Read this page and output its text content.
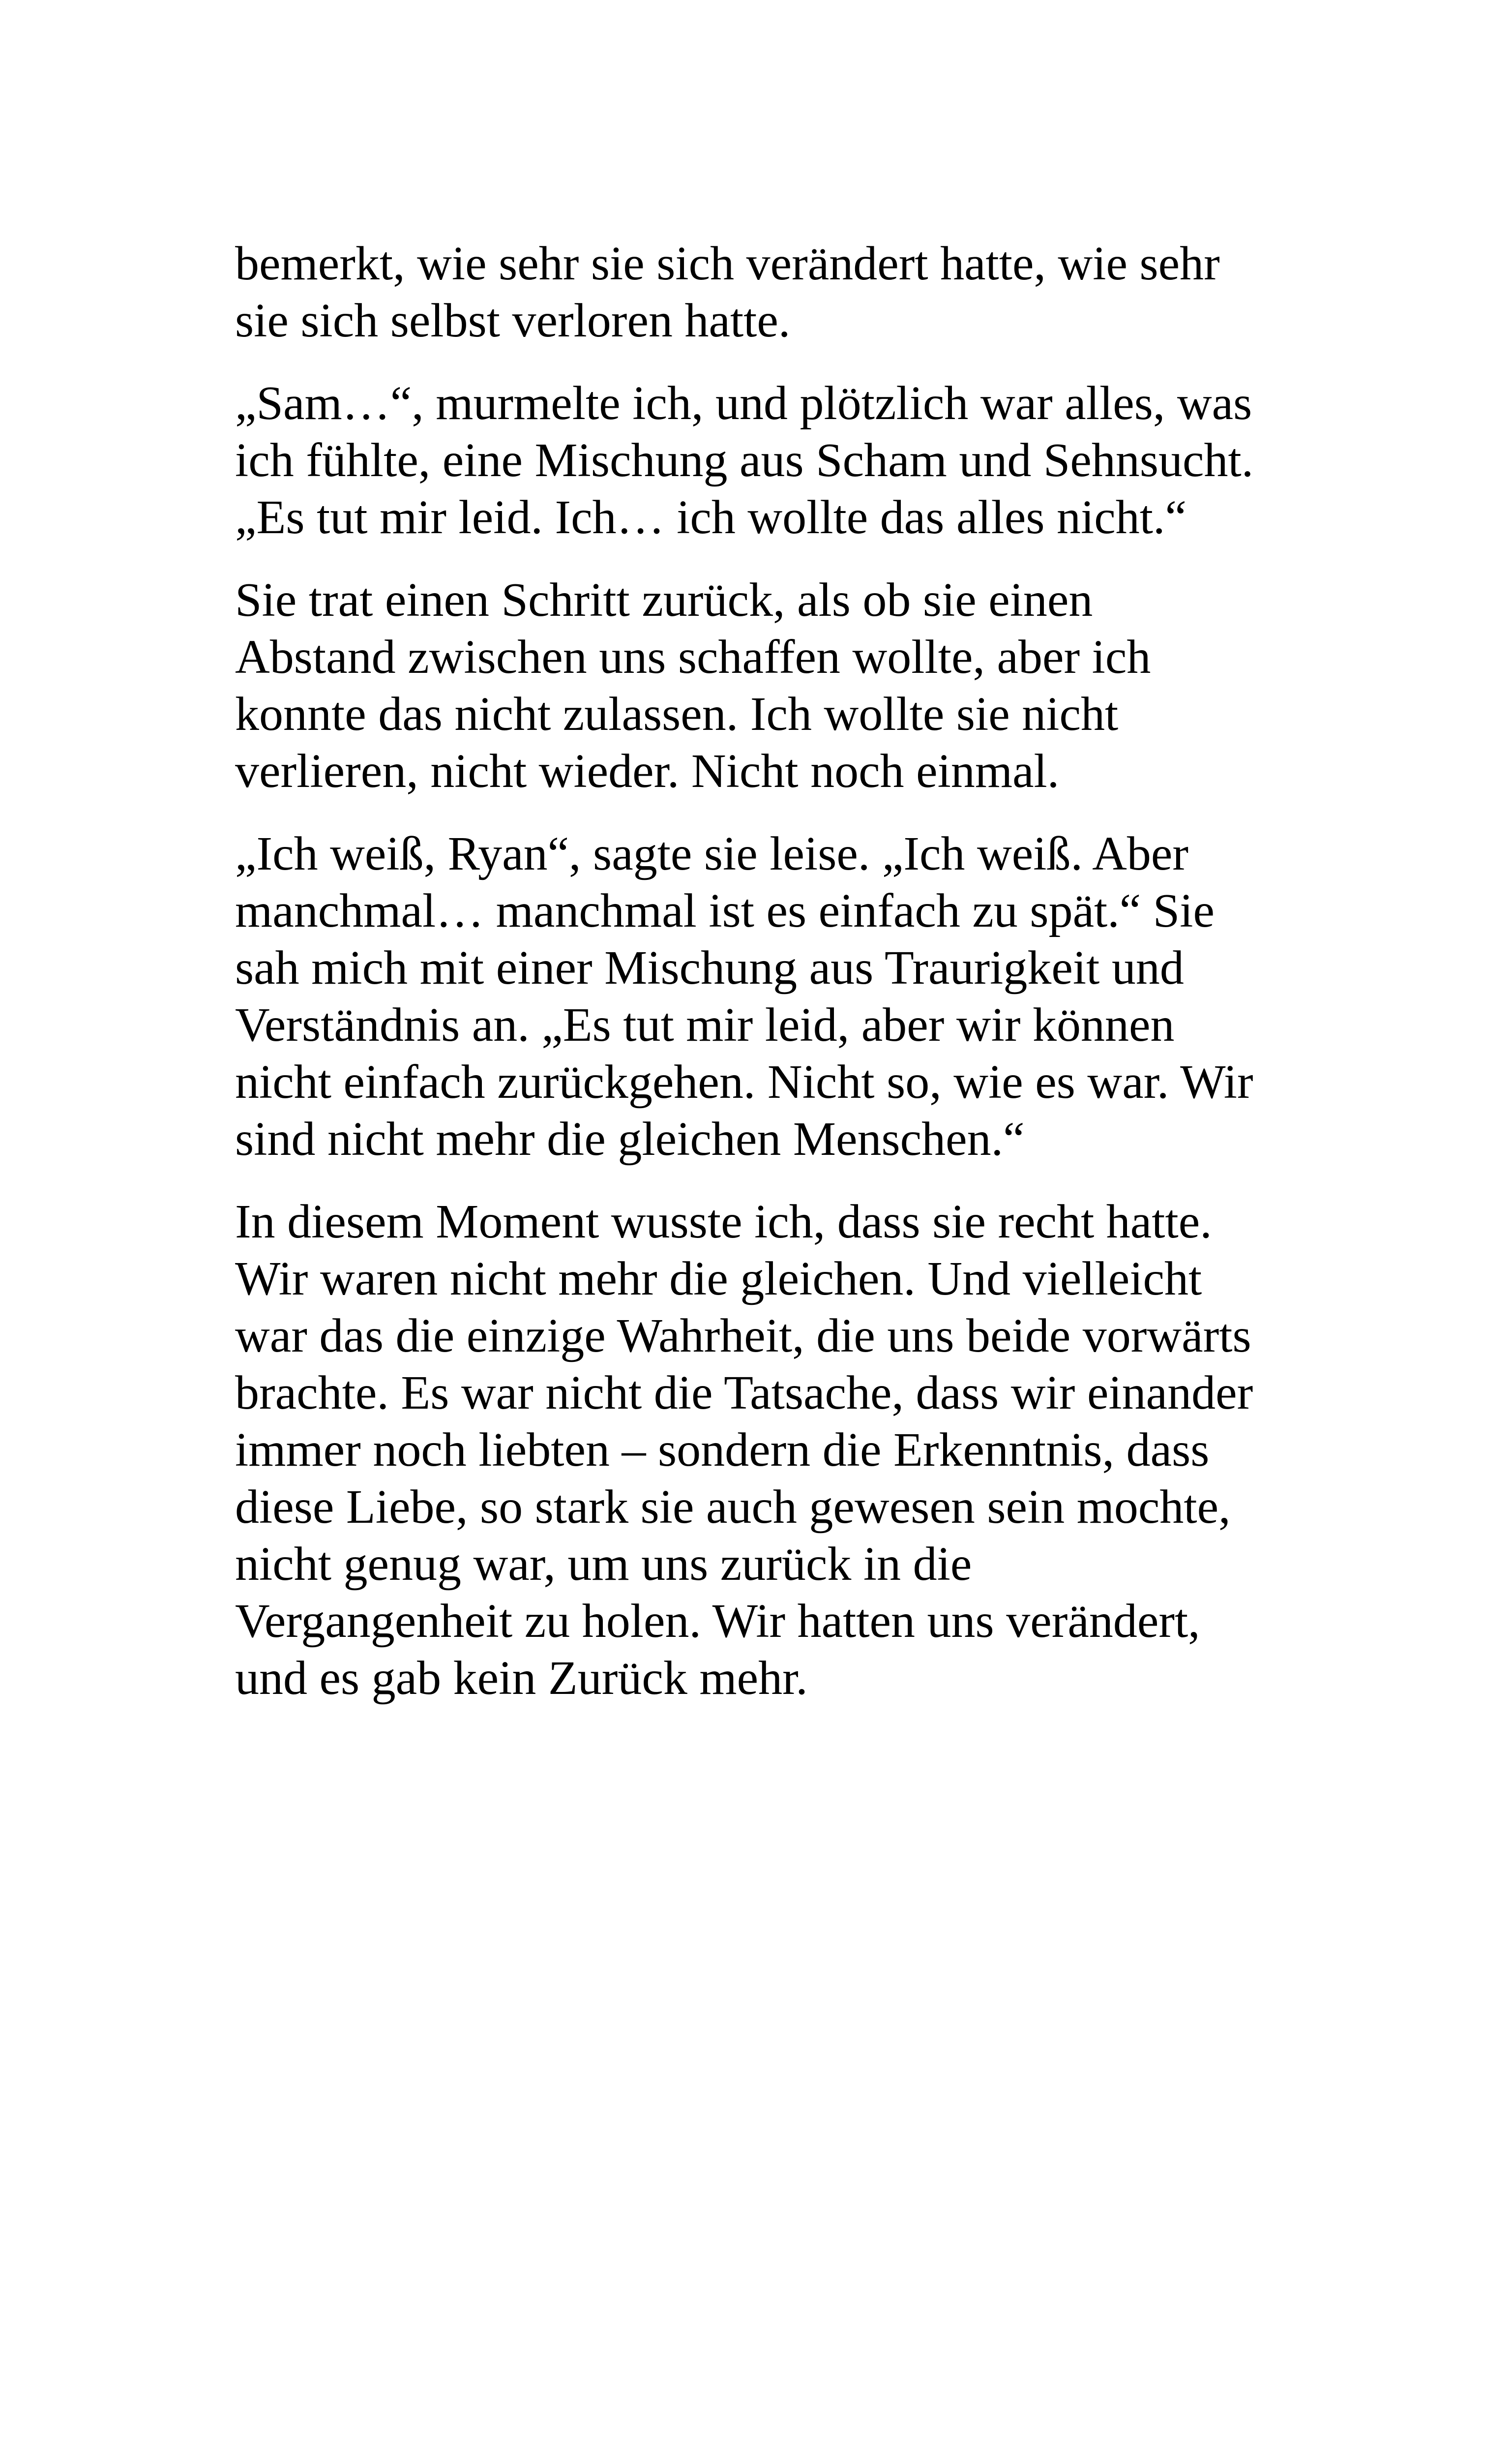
bemerkt, wie sehr sie sich verändert hatte, wie sehr
sie sich selbst verloren hatte.

„Sam…“, murmelte ich, und plötzlich war alles, was
ich fühlte, eine Mischung aus Scham und Sehnsucht.
„Es tut mir leid. Ich… ich wollte das alles nicht.“

Sie trat einen Schritt zurück, als ob sie einen
Abstand zwischen uns schaffen wollte, aber ich
konnte das nicht zulassen. Ich wollte sie nicht
verlieren, nicht wieder. Nicht noch einmal.

„Ich weiß, Ryan“, sagte sie leise. „Ich weiß. Aber
manchmal… manchmal ist es einfach zu spät.“ Sie
sah mich mit einer Mischung aus Traurigkeit und
Verständnis an. „Es tut mir leid, aber wir können
nicht einfach zurückgehen. Nicht so, wie es war. Wir
sind nicht mehr die gleichen Menschen.“

In diesem Moment wusste ich, dass sie recht hatte.
Wir waren nicht mehr die gleichen. Und vielleicht
war das die einzige Wahrheit, die uns beide vorwärts
brachte. Es war nicht die Tatsache, dass wir einander
immer noch liebten – sondern die Erkenntnis, dass
diese Liebe, so stark sie auch gewesen sein mochte,
nicht genug war, um uns zurück in die
Vergangenheit zu holen. Wir hatten uns verändert,
und es gab kein Zurück mehr.
